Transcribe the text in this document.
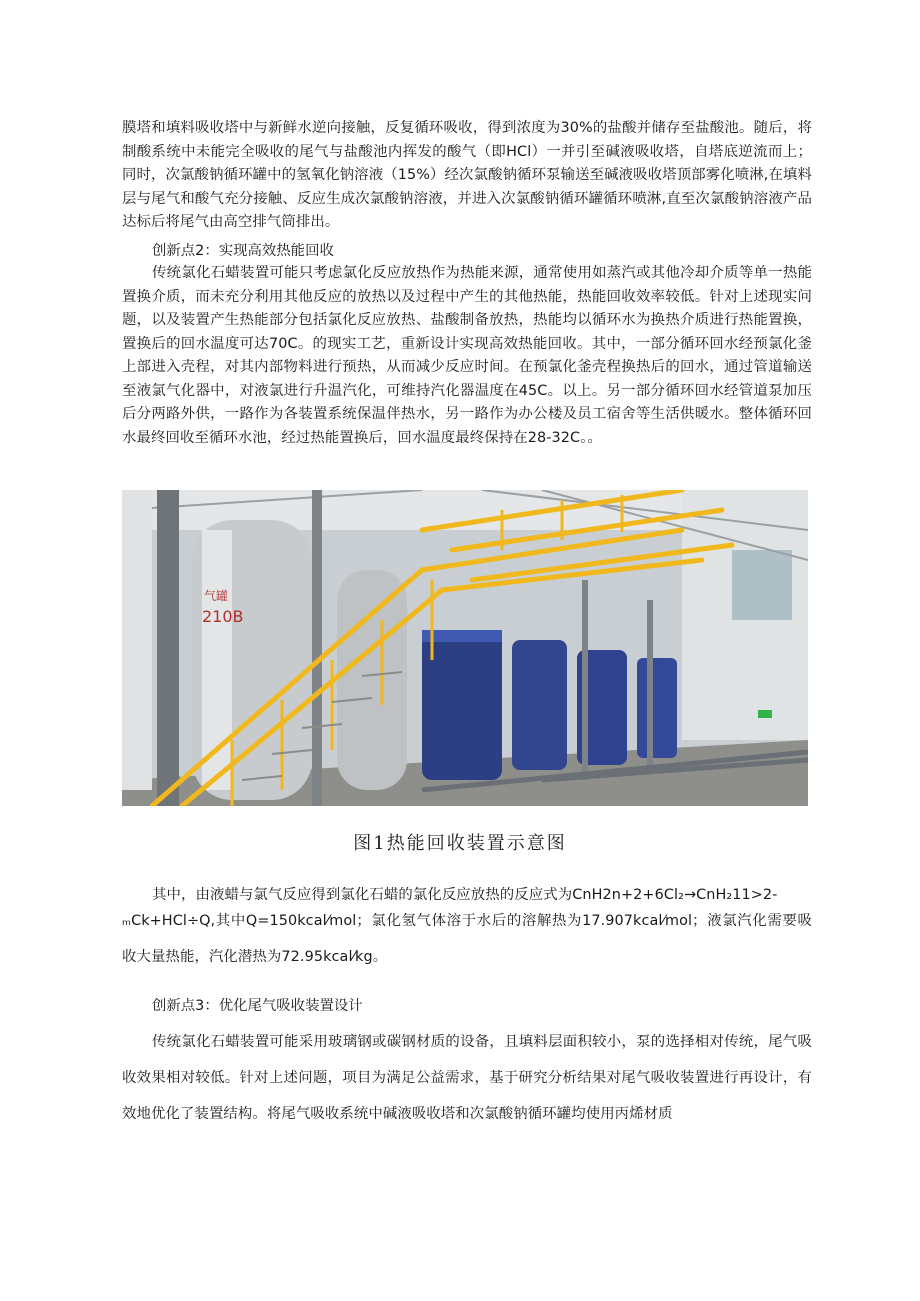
膜塔和填料吸收塔中与新鲜水逆向接触，反复循环吸收，得到浓度为30%的盐酸并储存至盐酸池。随后，将制酸系统中未能完全吸收的尾气与盐酸池内挥发的酸气（即HCl）一并引至碱液吸收塔，自塔底逆流而上；同时，次氯酸钠循环罐中的氢氧化钠溶液（15%）经次氯酸钠循环泵输送至碱液吸收塔顶部雾化喷淋,在填料层与尾气和酸气充分接触、反应生成次氯酸钠溶液，并进入次氯酸钠循环罐循环喷淋,直至次氯酸钠溶液产品达标后将尾气由高空排气筒排出。

创新点2：实现高效热能回收

传统氯化石蜡装置可能只考虑氯化反应放热作为热能来源，通常使用如蒸汽或其他冷却介质等单一热能置换介质，而未充分利用其他反应的放热以及过程中产生的其他热能，热能回收效率较低。针对上述现实问题，以及装置产生热能部分包括氯化反应放热、盐酸制备放热，热能均以循环水为换热介质进行热能置换，置换后的回水温度可达70C。的现实工艺，重新设计实现高效热能回收。其中，一部分循环回水经预氯化釜上部进入壳程，对其内部物料进行预热，从而减少反应时间。在预氯化釜壳程换热后的回水，通过管道输送至液氯气化器中，对液氯进行升温汽化，可维持汽化器温度在45C。以上。另一部分循环回水经管道泵加压后分两路外供，一路作为各装置系统保温伴热水，另一路作为办公楼及员工宿舍等生活供暖水。整体循环回水最终回收至循环水池，经过热能置换后，回水温度最终保持在28-32C。。

气罐
210B

图1热能回收装置示意图

其中，由液蜡与氯气反应得到氯化石蜡的氯化反应放热的反应式为CnH2n+2+6Cl₂→CnH₂11>2-

ₘCk+HCl÷Q,其中Q=150kcal⁄mol；氯化氢气体溶于水后的溶解热为17.907kcal⁄mol；液氯汽化需要吸收大量热能，汽化潜热为72.95kcal⁄kg。

创新点3：优化尾气吸收装置设计

传统氯化石蜡装置可能采用玻璃钢或碳钢材质的设备，且填料层面积较小，泵的选择相对传统，尾气吸收效果相对较低。针对上述问题，项目为满足公益需求，基于研究分析结果对尾气吸收装置进行再设计，有效地优化了装置结构。将尾气吸收系统中碱液吸收塔和次氯酸钠循环罐均使用丙烯材质
